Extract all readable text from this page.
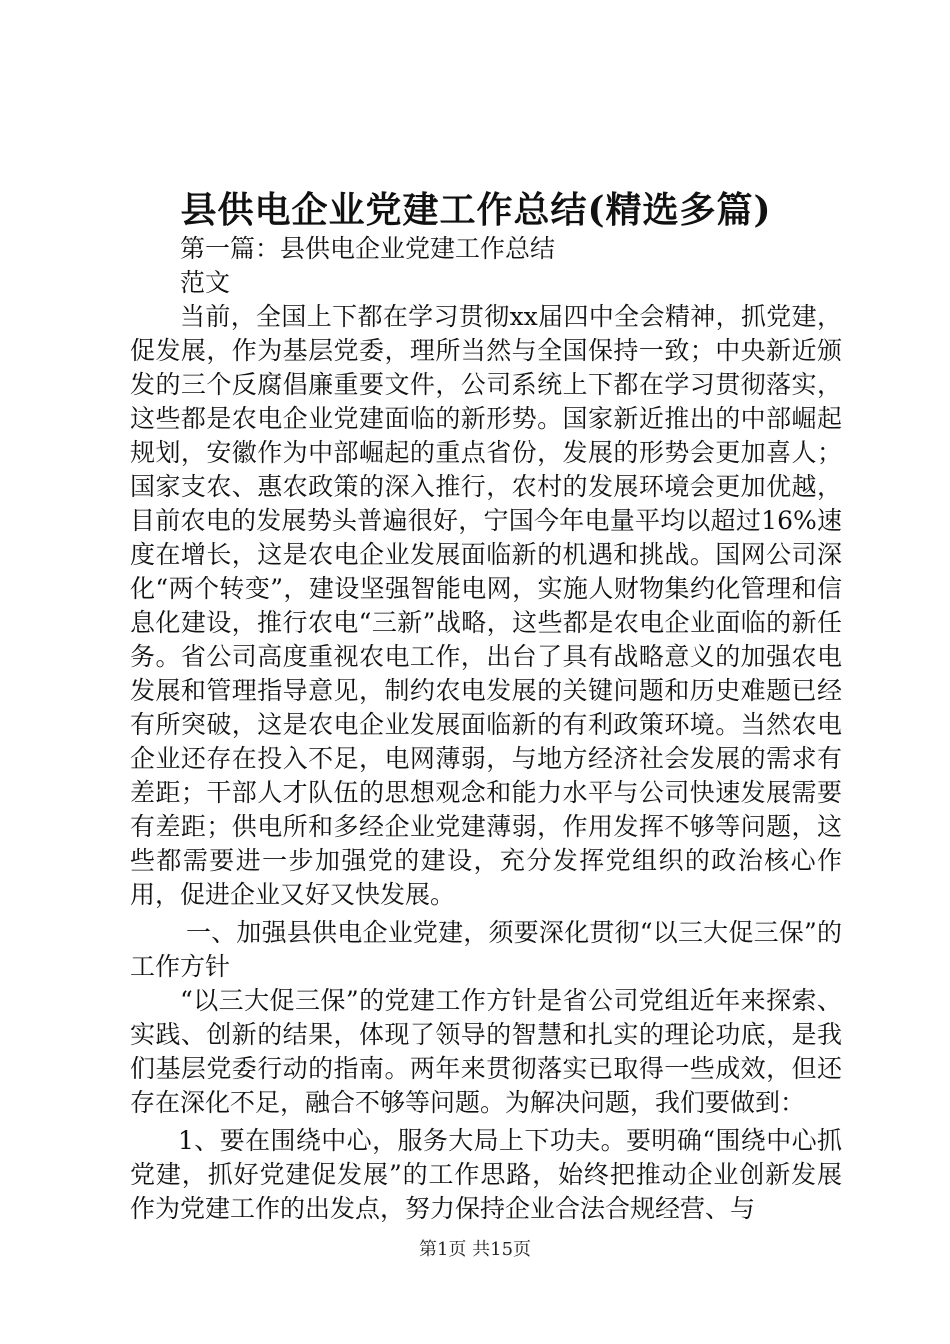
县供电企业党建工作总结(精选多篇)

第一篇：县供电企业党建工作总结

范文

当前，全国上下都在学习贯彻xx届四中全会精神，抓党建，促发展，作为基层党委，理所当然与全国保持一致；中央新近颁发的三个反腐倡廉重要文件，公司系统上下都在学习贯彻落实，这些都是农电企业党建面临的新形势。国家新近推出的中部崛起规划，安徽作为中部崛起的重点省份，发展的形势会更加喜人；国家支农、惠农政策的深入推行，农村的发展环境会更加优越，目前农电的发展势头普遍很好，宁国今年电量平均以超过16%速度在增长，这是农电企业发展面临新的机遇和挑战。国网公司深化“两个转变”，建设坚强智能电网，实施人财物集约化管理和信息化建设，推行农电“三新”战略，这些都是农电企业面临的新任务。省公司高度重视农电工作，出台了具有战略意义的加强农电发展和管理指导意见，制约农电发展的关键问题和历史难题已经有所突破，这是农电企业发展面临新的有利政策环境。当然农电企业还存在投入不足，电网薄弱，与地方经济社会发展的需求有差距；干部人才队伍的思想观念和能力水平与公司快速发展需要有差距；供电所和多经企业党建薄弱，作用发挥不够等问题，这些都需要进一步加强党的建设，充分发挥党组织的政治核心作用，促进企业又好又快发展。

一、加强县供电企业党建，须要深化贯彻“以三大促三保”的工作方针

“以三大促三保”的党建工作方针是省公司党组近年来探索、实践、创新的结果，体现了领导的智慧和扎实的理论功底，是我们基层党委行动的指南。两年来贯彻落实已取得一些成效，但还存在深化不足，融合不够等问题。为解决问题，我们要做到：

1、要在围绕中心，服务大局上下功夫。要明确“围绕中心抓党建，抓好党建促发展”的工作思路，始终把推动企业创新发展作为党建工作的出发点，努力保持企业合法合规经营、与

第1页 共15页
